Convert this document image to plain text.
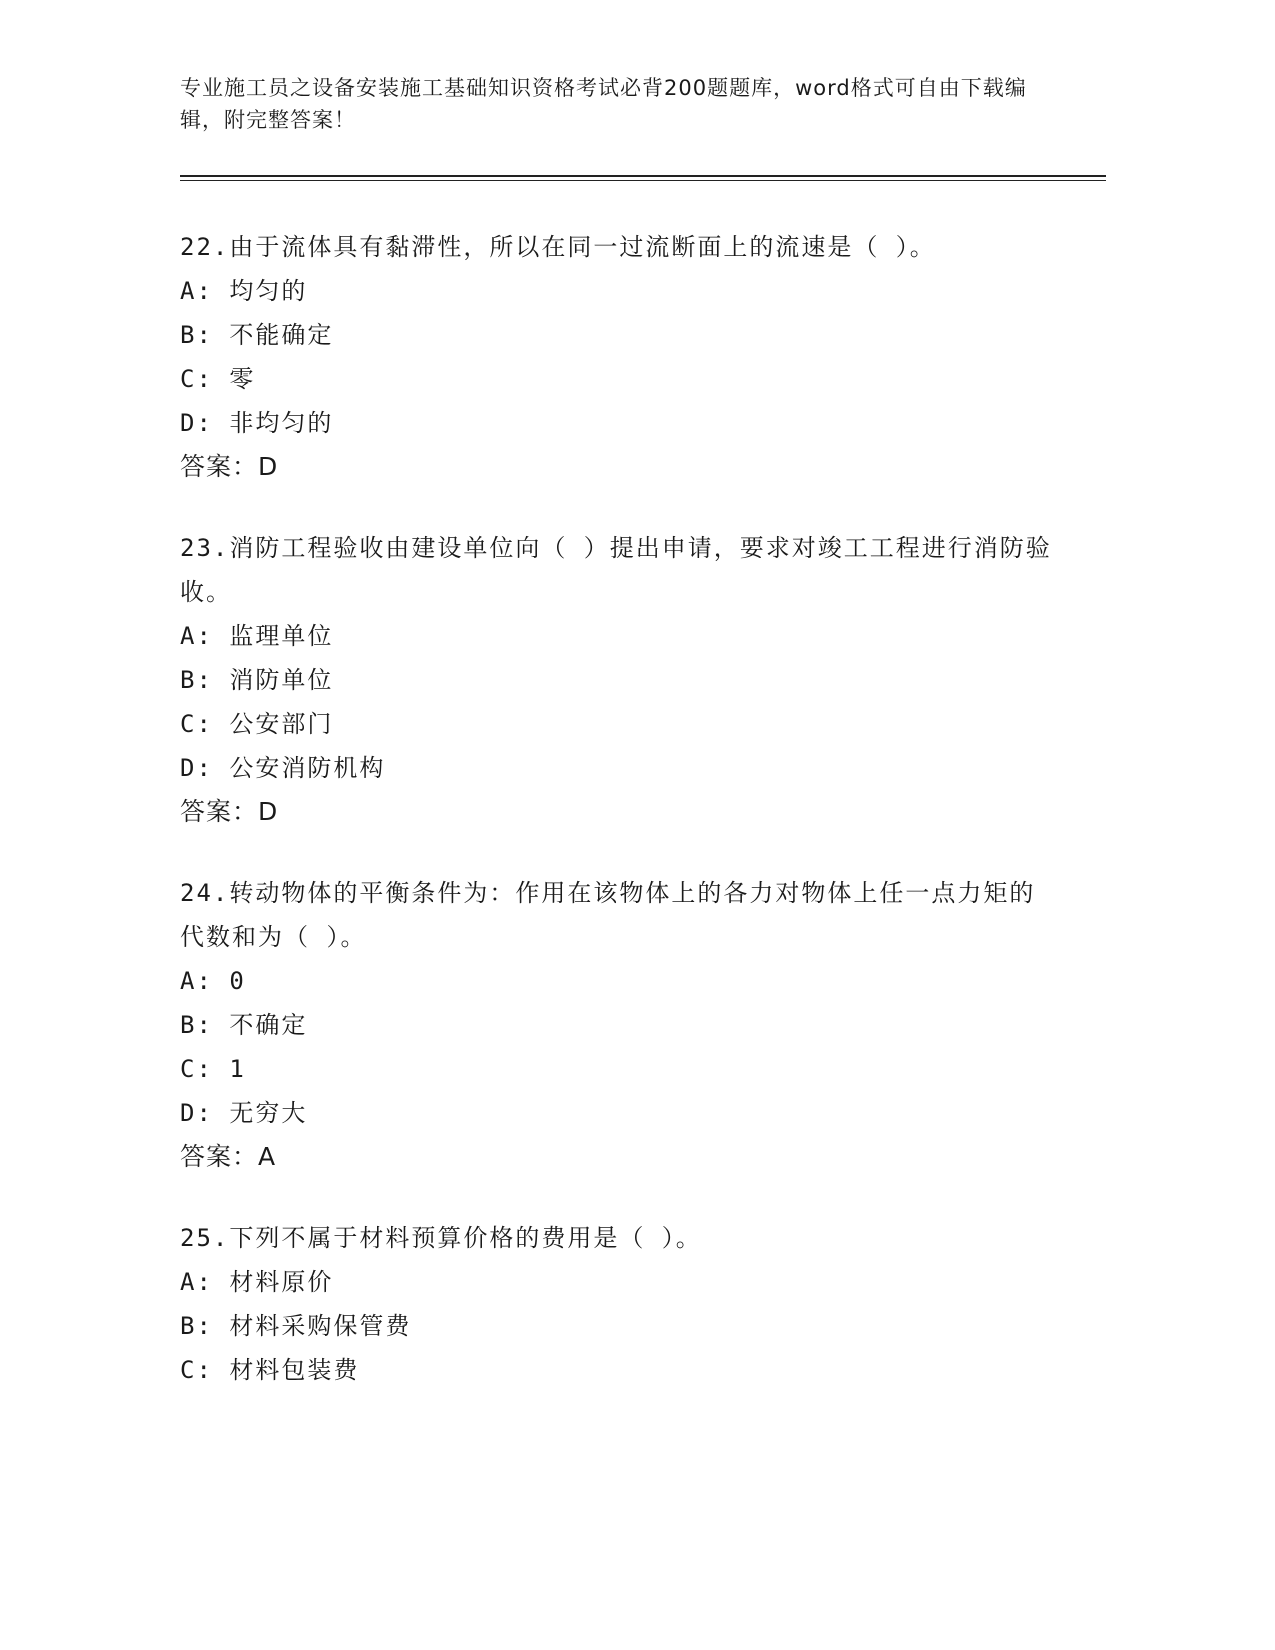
专业施工员之设备安装施工基础知识资格考试必背200题题库，word格式可自由下载编辑，附完整答案！

22.由于流体具有黏滞性，所以在同一过流断面上的流速是（ ）。

A: 均匀的
B: 不能确定
C: 零
D: 非均匀的
答案：D

23.消防工程验收由建设单位向（ ）提出申请，要求对竣工工程进行消防验收。

A: 监理单位
B: 消防单位
C: 公安部门
D: 公安消防机构
答案：D

24.转动物体的平衡条件为：作用在该物体上的各力对物体上任一点力矩的代数和为（ ）。

A: 0
B: 不确定
C: 1
D: 无穷大
答案：A

25.下列不属于材料预算价格的费用是（ ）。

A: 材料原价
B: 材料采购保管费
C: 材料包装费
